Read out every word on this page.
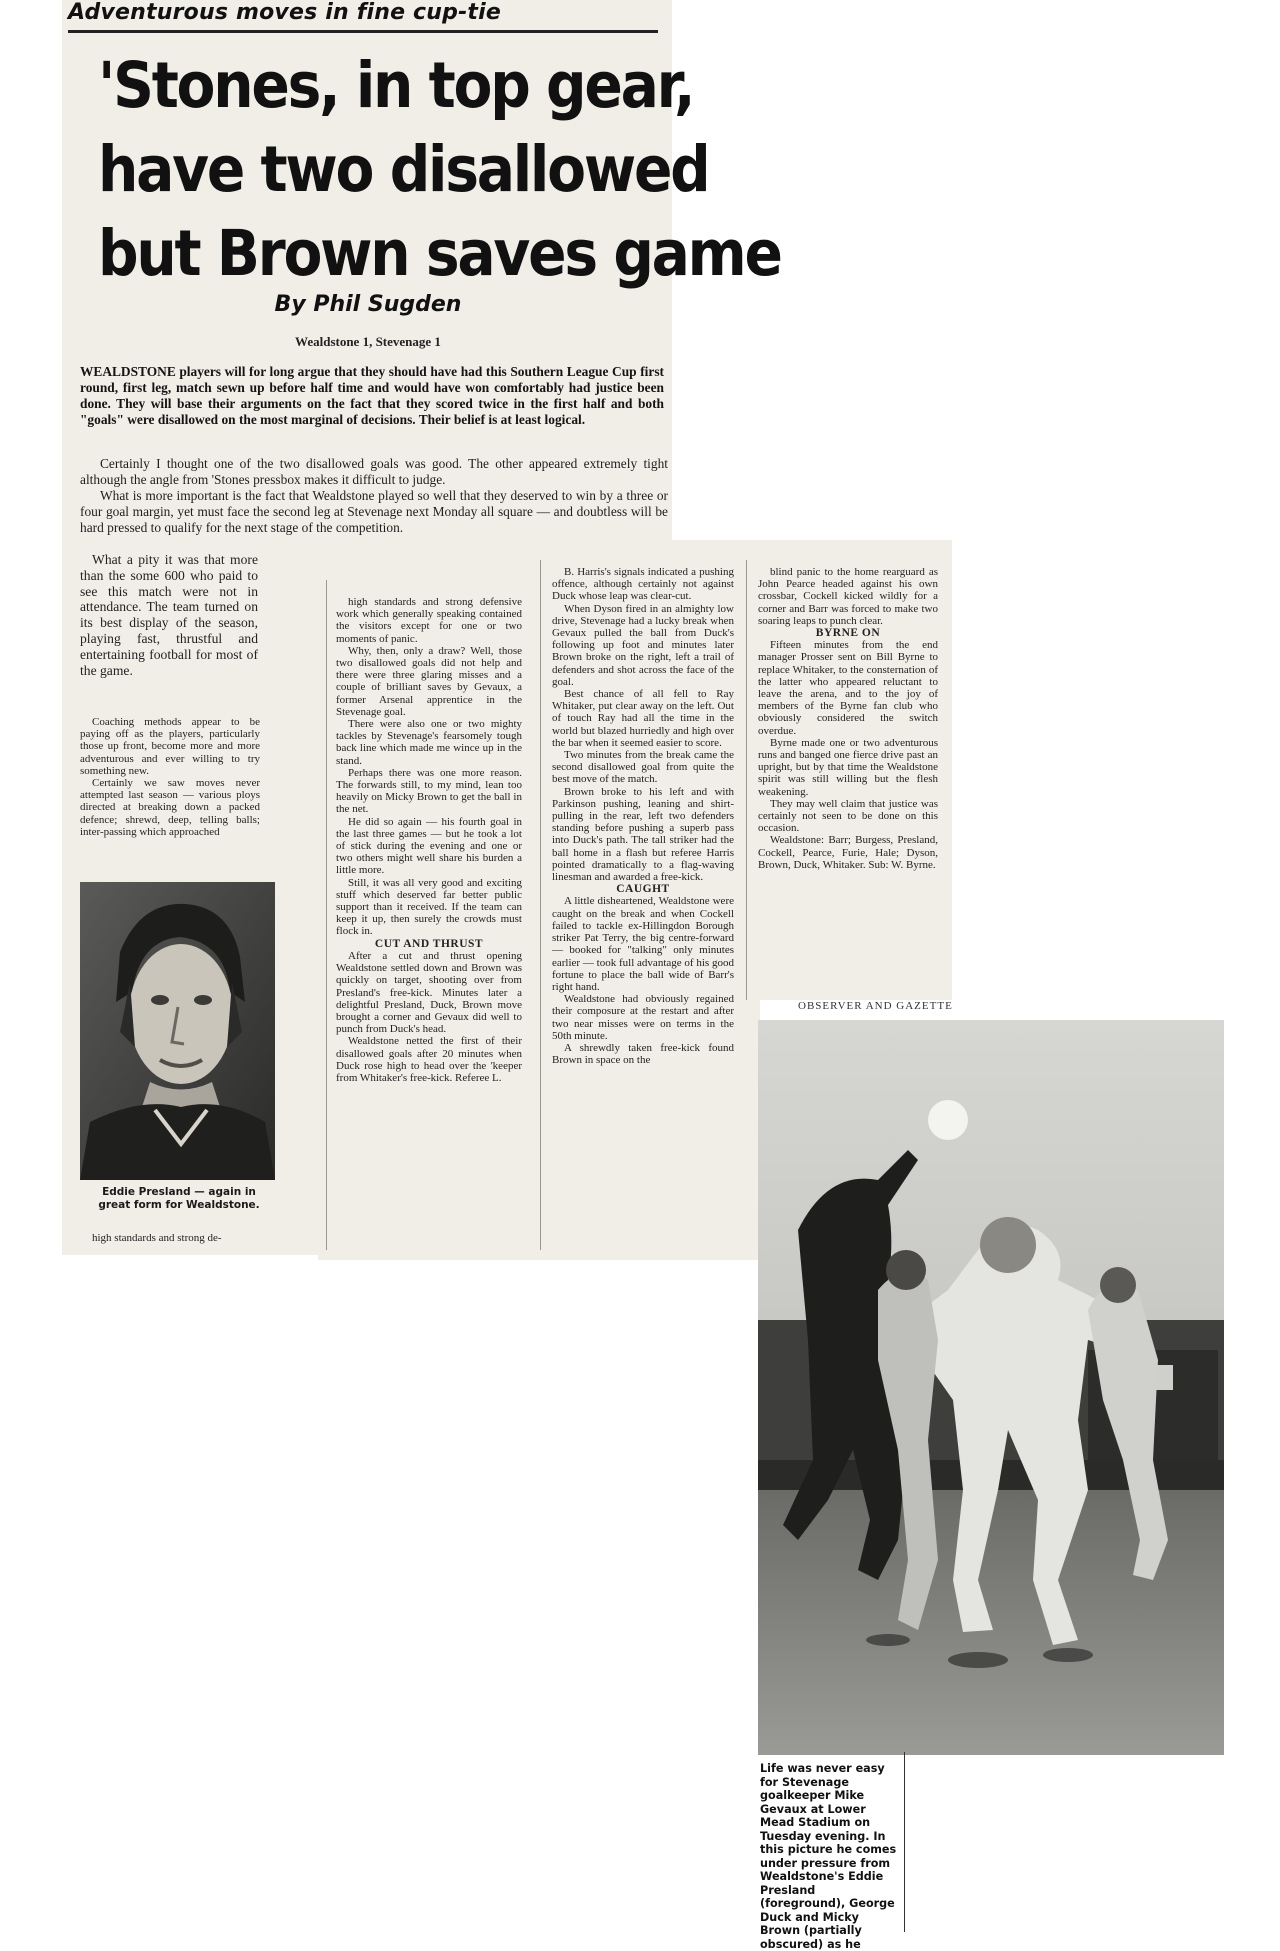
Adventurous moves in fine cup-tie
'Stones, in top gear,
have two disallowed
but Brown saves game
By Phil Sugden
Wealdstone 1, Stevenage 1
WEALDSTONE players will for long argue that they should have had this Southern League Cup first round, first leg, match sewn up before half time and would have won comfortably had justice been done. They will base their arguments on the fact that they scored twice in the first half and both "goals" were disallowed on the most marginal of decisions. Their belief is at least logical.

Certainly I thought one of the two disallowed goals was good. The other appeared extremely tight although the angle from 'Stones pressbox makes it difficult to judge.

What is more important is the fact that Wealdstone played so well that they deserved to win by a three or four goal margin, yet must face the second leg at Stevenage next Monday all square — and doubtless will be hard pressed to qualify for the next stage of the competition.

What a pity it was that more than the some 600 who paid to see this match were not in attendance. The team turned on its best display of the season, playing fast, thrustful and entertaining football for most of the game.

Coaching methods appear to be paying off as the players, particularly those up front, become more and more adventurous and ever willing to try something new.

Certainly we saw moves never attempted last season — various ploys directed at breaking down a packed defence; shrewd, deep, telling balls; inter-passing which approached

Eddie Presland — again in great form for Wealdstone.
high standards and strong de-

high standards and strong defensive work which generally speaking contained the visitors except for one or two moments of panic.

Why, then, only a draw? Well, those two disallowed goals did not help and there were three glaring misses and a couple of brilliant saves by Gevaux, a former Arsenal apprentice in the Stevenage goal.

There were also one or two mighty tackles by Stevenage's fearsomely tough back line which made me wince up in the stand.

Perhaps there was one more reason. The forwards still, to my mind, lean too heavily on Micky Brown to get the ball in the net.

He did so again — his fourth goal in the last three games — but he took a lot of stick during the evening and one or two others might well share his burden a little more.

Still, it was all very good and exciting stuff which deserved far better public support than it received. If the team can keep it up, then surely the crowds must flock in.

CUT AND THRUST

After a cut and thrust opening Wealdstone settled down and Brown was quickly on target, shooting over from Presland's free-kick. Minutes later a delightful Presland, Duck, Brown move brought a corner and Gevaux did well to punch from Duck's head.

Wealdstone netted the first of their disallowed goals after 20 minutes when Duck rose high to head over the 'keeper from Whitaker's free-kick. Referee L.

B. Harris's signals indicated a pushing offence, although certainly not against Duck whose leap was clear-cut.

When Dyson fired in an almighty low drive, Stevenage had a lucky break when Gevaux pulled the ball from Duck's following up foot and minutes later Brown broke on the right, left a trail of defenders and shot across the face of the goal.

Best chance of all fell to Ray Whitaker, put clear away on the left. Out of touch Ray had all the time in the world but blazed hurriedly and high over the bar when it seemed easier to score.

Two minutes from the break came the second disallowed goal from quite the best move of the match.

Brown broke to his left and with Parkinson pushing, leaning and shirt-pulling in the rear, left two defenders standing before pushing a superb pass into Duck's path. The tall striker had the ball home in a flash but referee Harris pointed dramatically to a flag-waving linesman and awarded a free-kick.

CAUGHT

A little disheartened, Wealdstone were caught on the break and when Cockell failed to tackle ex-Hillingdon Borough striker Pat Terry, the big centre-forward — booked for "talking" only minutes earlier — took full advantage of his good fortune to place the ball wide of Barr's right hand.

Wealdstone had obviously regained their composure at the restart and after two near misses were on terms in the 50th minute.

A shrewdly taken free-kick found Brown in space on the

blind panic to the home rearguard as John Pearce headed against his own crossbar, Cockell kicked wildly for a corner and Barr was forced to make two soaring leaps to punch clear.

BYRNE ON

Fifteen minutes from the end manager Prosser sent on Bill Byrne to replace Whitaker, to the consternation of the latter who appeared reluctant to leave the arena, and to the joy of members of the Byrne fan club who obviously considered the switch overdue.

Byrne made one or two adventurous runs and banged one fierce drive past an upright, but by that time the Wealdstone spirit was still willing but the flesh weakening.

They may well claim that justice was certainly not seen to be done on this occasion.

Wealdstone: Barr; Burgess, Presland, Cockell, Pearce, Furie, Hale; Dyson, Brown, Duck, Whitaker. Sub: W. Byrne.

OBSERVER AND GAZETTE
Life was never easy for Stevenage goalkeeper Mike Gevaux at Lower Mead Stadium on Tuesday evening. In this picture he comes under pressure from Wealdstone's Eddie Presland (foreground), George Duck and Micky Brown (partially obscured) as he
